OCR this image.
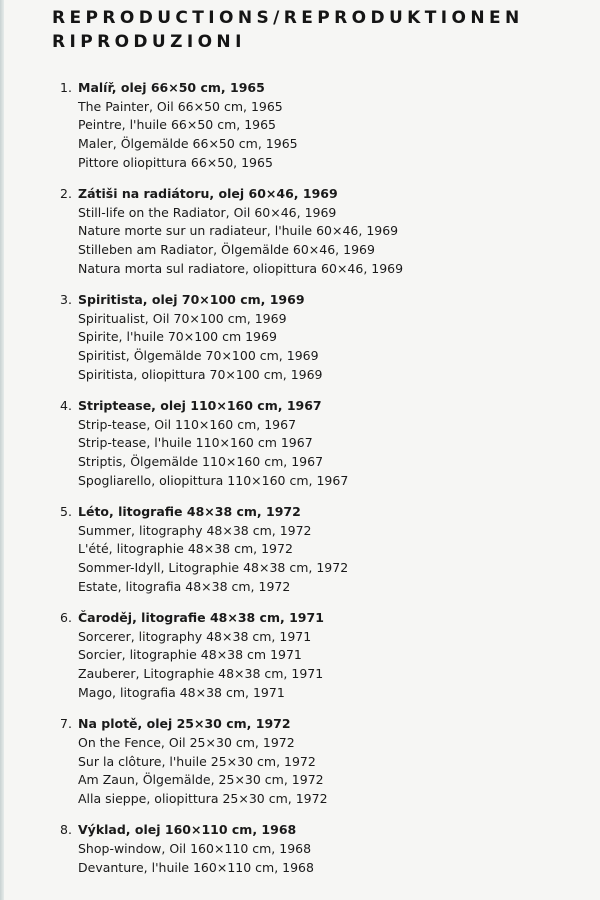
REPRODUCTIONS/REPRODUKTIONEN
RIPRODUZIONI
1. Malíř, olej 66×50 cm, 1965
The Painter, Oil 66×50 cm, 1965
Peintre, l'huile 66×50 cm, 1965
Maler, Ölgemälde 66×50 cm, 1965
Pittore oliopittura 66×50, 1965
2. Zátiši na radiátoru, olej 60×46, 1969
Still-life on the Radiator, Oil 60×46, 1969
Nature morte sur un radiateur, l'huile 60×46, 1969
Stilleben am Radiator, Ölgemälde 60×46, 1969
Natura morta sul radiatore, oliopittura 60×46, 1969
3. Spiritista, olej 70×100 cm, 1969
Spiritualist, Oil 70×100 cm, 1969
Spirite, l'huile 70×100 cm 1969
Spiritist, Ölgemälde 70×100 cm, 1969
Spiritista, oliopittura 70×100 cm, 1969
4. Striptease, olej 110×160 cm, 1967
Strip-tease, Oil 110×160 cm, 1967
Strip-tease, l'huile 110×160 cm 1967
Striptis, Ölgemälde 110×160 cm, 1967
Spogliarello, oliopittura 110×160 cm, 1967
5. Léto, litografie 48×38 cm, 1972
Summer, litography 48×38 cm, 1972
L'été, litographie 48×38 cm, 1972
Sommer-Idyll, Litographie 48×38 cm, 1972
Estate, litografia 48×38 cm, 1972
6. Čaroděj, litografie 48×38 cm, 1971
Sorcerer, litography 48×38 cm, 1971
Sorcier, litographie 48×38 cm 1971
Zauberer, Litographie 48×38 cm, 1971
Mago, litografia 48×38 cm, 1971
7. Na plotě, olej 25×30 cm, 1972
On the Fence, Oil 25×30 cm, 1972
Sur la clôture, l'huile 25×30 cm, 1972
Am Zaun, Ölgemälde, 25×30 cm, 1972
Alla sieppe, oliopittura 25×30 cm, 1972
8. Výklad, olej 160×110 cm, 1968
Shop-window, Oil 160×110 cm, 1968
Devanture, l'huile 160×110 cm, 1968
